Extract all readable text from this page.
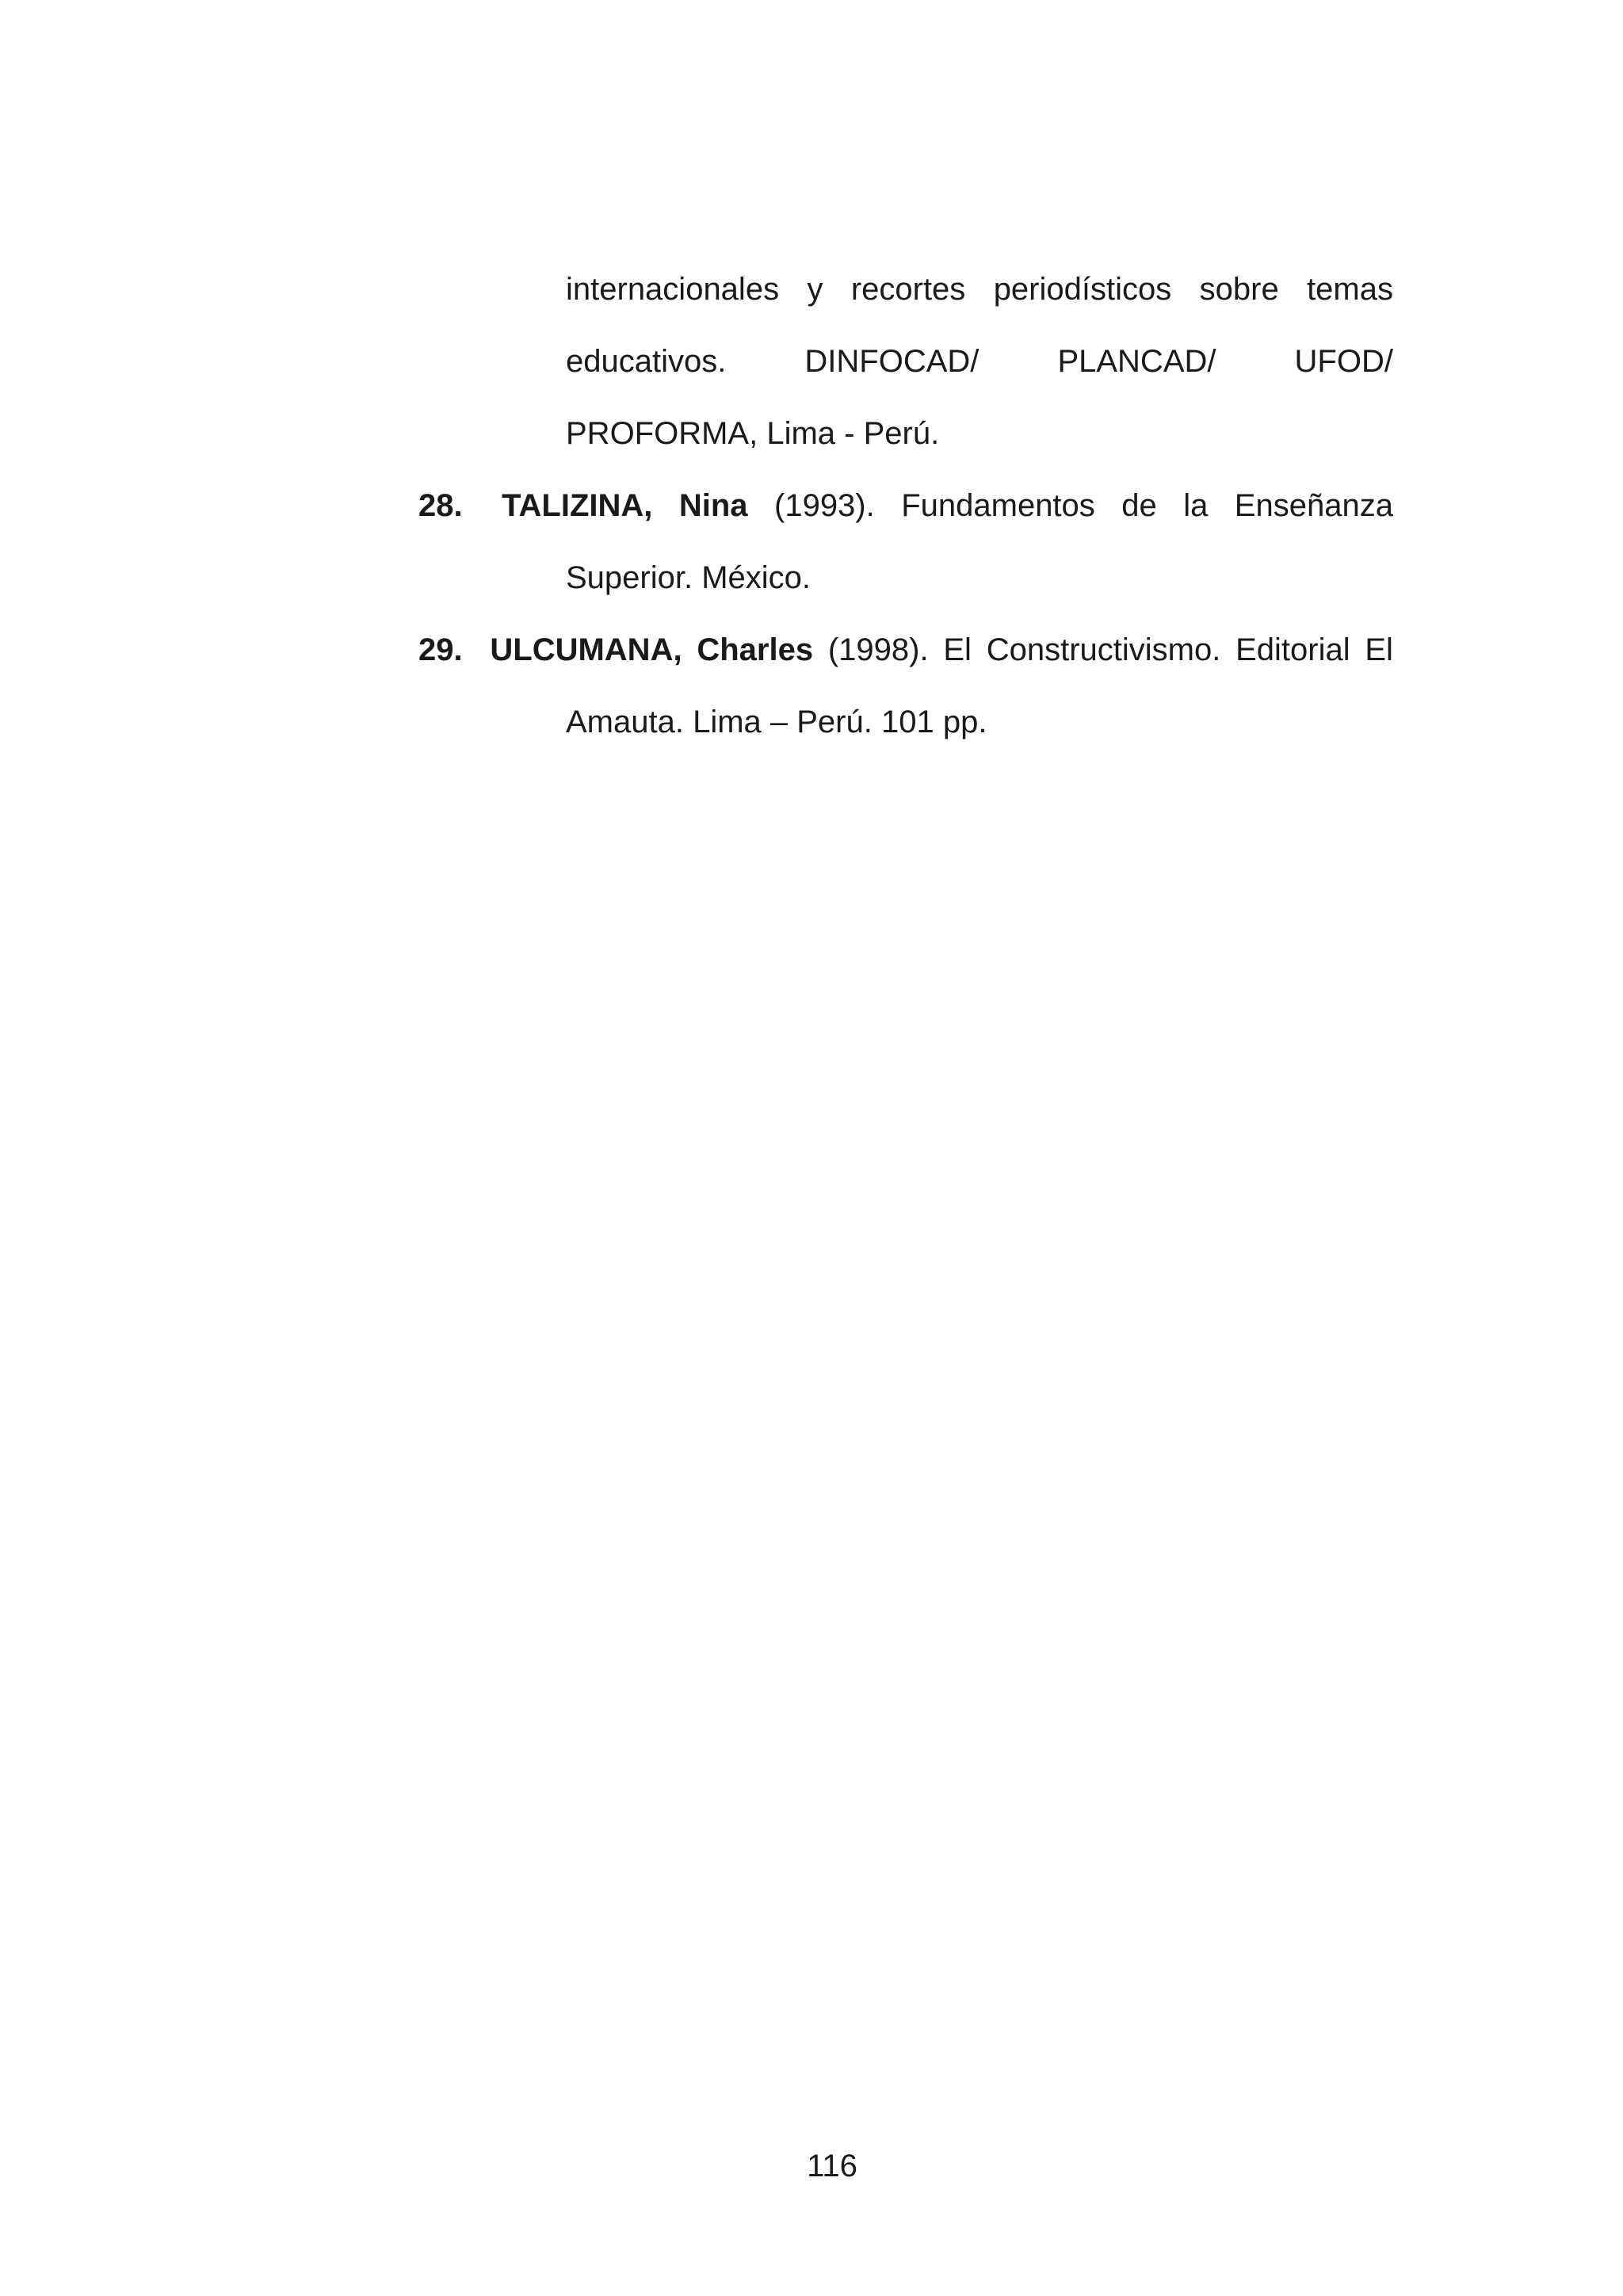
internacionales y recortes periodísticos sobre temas
educativos. DINFOCAD/ PLANCAD/ UFOD/
PROFORMA, Lima - Perú.
28. TALIZINA, Nina (1993). Fundamentos de la Enseñanza
Superior. México.
29. ULCUMANA, Charles (1998). El Constructivismo. Editorial El
Amauta. Lima – Perú. 101 pp.
116
